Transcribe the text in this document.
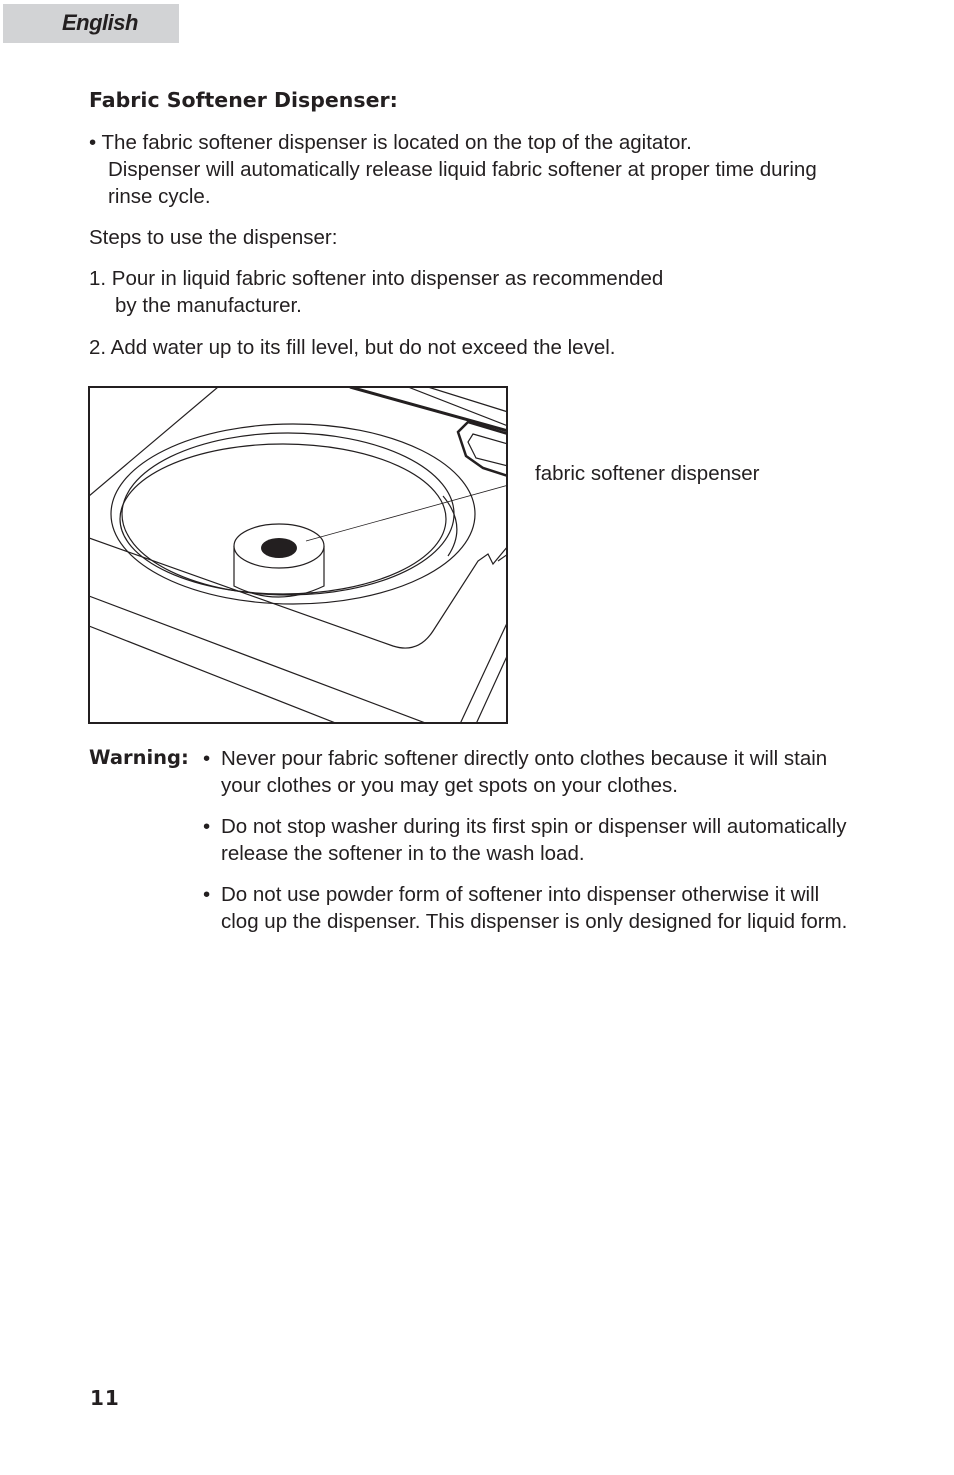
English
Fabric Softener Dispenser:
• The fabric softener dispenser is located on the top of the agitator.
Dispenser will automatically release liquid fabric softener at proper time during
rinse cycle.
Steps to use the dispenser:
1. Pour in liquid fabric softener into dispenser as recommended
by the manufacturer.
2. Add water up to its fill level, but do not exceed the level.
fabric softener dispenser
Warning: • Never pour fabric softener directly onto clothes because it will stain
your clothes or you may get spots on your clothes.
• Do not stop washer during its first spin or dispenser will automatically
release the softener in to the wash load.
• Do not use powder form of softener into dispenser otherwise it will
clog up the dispenser. This dispenser is only designed for liquid form.
11
